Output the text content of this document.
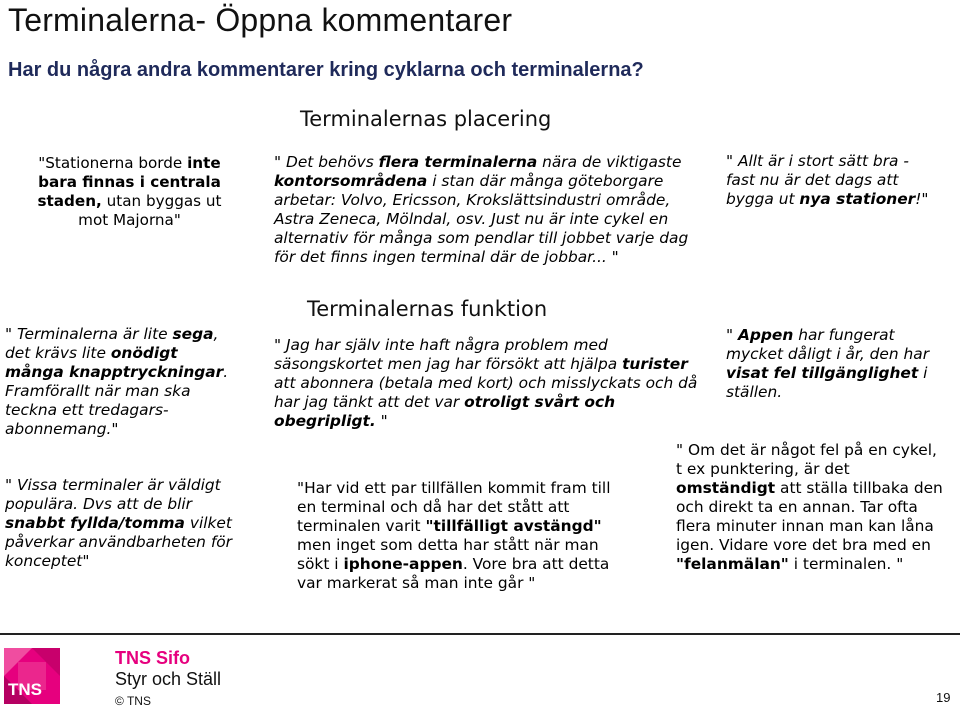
Terminalerna- Öppna kommentarer
Har du några andra kommentarer kring cyklarna och terminalerna?
Terminalernas placering
Terminalernas funktion
"Stationerna borde inte bara finnas i centrala staden, utan byggas ut mot Majorna"
" Det behövs flera terminalerna nära de viktigaste kontorsområdena i stan där många göteborgare arbetar: Volvo, Ericsson, Krokslättsindustri område, Astra Zeneca, Mölndal, osv. Just nu är inte cykel en alternativ för många som pendlar till jobbet varje dag för det finns ingen terminal där de jobbar... "
" Allt är i stort sätt bra - fast nu är det dags att bygga ut nya stationer!"
" Terminalerna är lite sega, det krävs lite onödigt många knapptryckningar. Framförallt när man ska teckna ett tredagars-abonnemang."
" Jag har själv inte haft några problem med säsongskortet men jag har försökt att hjälpa turister att abonnera (betala med kort) och misslyckats och då har jag tänkt att det var otroligt svårt och obegripligt. "
" Appen har fungerat mycket dåligt i år, den har visat fel tillgänglighet i ställen.
" Vissa terminaler är väldigt populära. Dvs att de blir snabbt fyllda/tomma vilket påverkar användbarheten för konceptet"
"Har vid ett par tillfällen kommit fram till en terminal och då har det stått att terminalen varit "tillfälligt avstängd" men inget som detta har stått när man sökt i iphone-appen. Vore bra att detta var markerat så man inte går "
" Om det är något fel på en cykel, t ex punktering, är det omständigt att ställa tillbaka den och direkt ta en annan. Tar ofta flera minuter innan man kan låna igen. Vidare vore det bra med en "felanmälan" i terminalen. "
TNS
TNS Sifo
Styr och Ställ
© TNS	19
